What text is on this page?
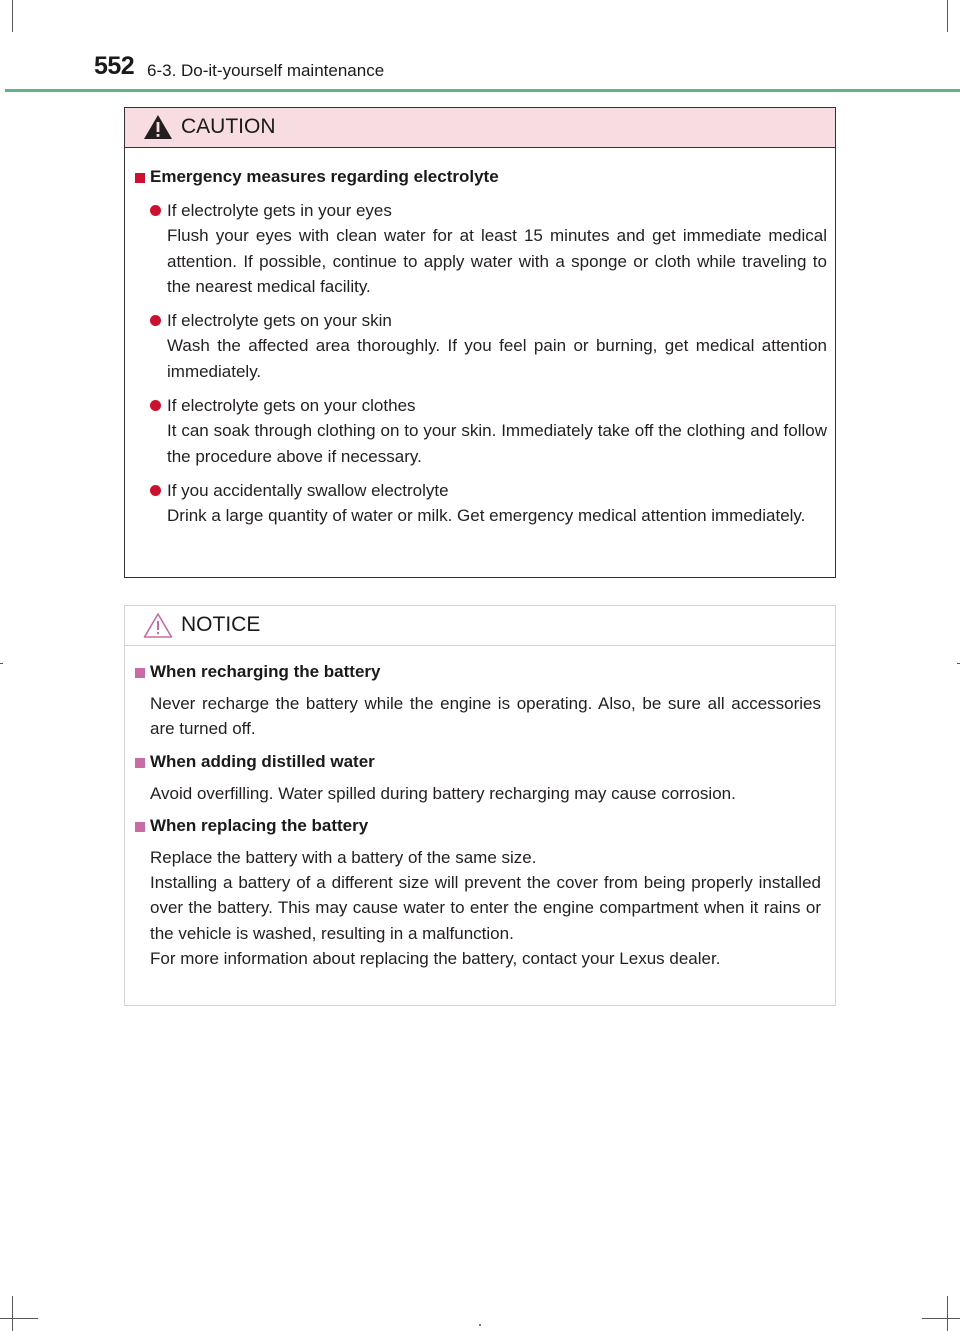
552 6-3. Do-it-yourself maintenance
CAUTION
Emergency measures regarding electrolyte
If electrolyte gets in your eyes
Flush your eyes with clean water for at least 15 minutes and get immediate medical attention. If possible, continue to apply water with a sponge or cloth while traveling to the nearest medical facility.
If electrolyte gets on your skin
Wash the affected area thoroughly. If you feel pain or burning, get medical attention immediately.
If electrolyte gets on your clothes
It can soak through clothing on to your skin. Immediately take off the clothing and follow the procedure above if necessary.
If you accidentally swallow electrolyte
Drink a large quantity of water or milk. Get emergency medical attention immediately.
NOTICE
When recharging the battery
Never recharge the battery while the engine is operating. Also, be sure all accessories are turned off.
When adding distilled water
Avoid overfilling. Water spilled during battery recharging may cause corrosion.
When replacing the battery
Replace the battery with a battery of the same size.
Installing a battery of a different size will prevent the cover from being properly installed over the battery. This may cause water to enter the engine compartment when it rains or the vehicle is washed, resulting in a malfunction.
For more information about replacing the battery, contact your Lexus dealer.
